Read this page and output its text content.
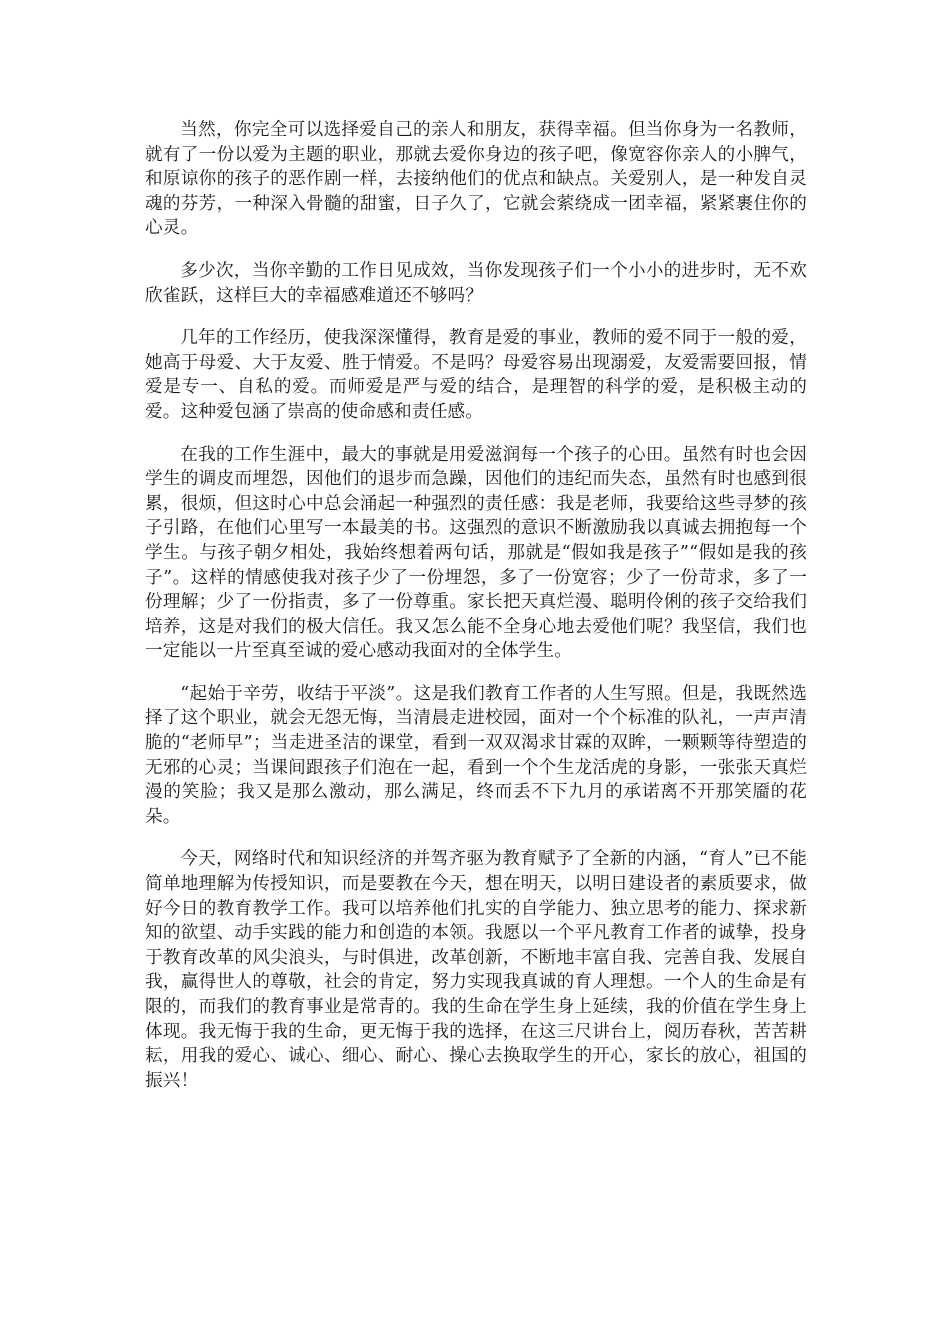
当然，你完全可以选择爱自己的亲人和朋友，获得幸福。但当你身为一名教师，就有了一份以爱为主题的职业，那就去爱你身边的孩子吧，像宽容你亲人的小脾气，和原谅你的孩子的恶作剧一样，去接纳他们的优点和缺点。关爱别人，是一种发自灵魂的芬芳，一种深入骨髓的甜蜜，日子久了，它就会萦绕成一团幸福，紧紧裹住你的心灵。

多少次，当你辛勤的工作日见成效，当你发现孩子们一个小小的进步时，无不欢欣雀跃，这样巨大的幸福感难道还不够吗？

几年的工作经历，使我深深懂得，教育是爱的事业，教师的爱不同于一般的爱，她高于母爱、大于友爱、胜于情爱。不是吗？母爱容易出现溺爱，友爱需要回报，情爱是专一、自私的爱。而师爱是严与爱的结合，是理智的科学的爱，是积极主动的爱。这种爱包涵了崇高的使命感和责任感。

在我的工作生涯中，最大的事就是用爱滋润每一个孩子的心田。虽然有时也会因学生的调皮而埋怨，因他们的退步而急躁，因他们的违纪而失态，虽然有时也感到很累，很烦，但这时心中总会涌起一种强烈的责任感：我是老师，我要给这些寻梦的孩子引路，在他们心里写一本最美的书。这强烈的意识不断激励我以真诚去拥抱每一个学生。与孩子朝夕相处，我始终想着两句话，那就是“假如我是孩子”“假如是我的孩子”。这样的情感使我对孩子少了一份埋怨，多了一份宽容；少了一份苛求，多了一份理解；少了一份指责，多了一份尊重。家长把天真烂漫、聪明伶俐的孩子交给我们培养，这是对我们的极大信任。我又怎么能不全身心地去爱他们呢？我坚信，我们也一定能以一片至真至诚的爱心感动我面对的全体学生。

“起始于辛劳，收结于平淡”。这是我们教育工作者的人生写照。但是，我既然选择了这个职业，就会无怨无悔，当清晨走进校园，面对一个个标准的队礼，一声声清脆的“老师早”；当走进圣洁的课堂，看到一双双渴求甘霖的双眸，一颗颗等待塑造的无邪的心灵；当课间跟孩子们泡在一起，看到一个个生龙活虎的身影，一张张天真烂漫的笑脸；我又是那么激动，那么满足，终而丢不下九月的承诺离不开那笑靥的花朵。

今天，网络时代和知识经济的并驾齐驱为教育赋予了全新的内涵，“育人”已不能简单地理解为传授知识，而是要教在今天，想在明天，以明日建设者的素质要求，做好今日的教育教学工作。我可以培养他们扎实的自学能力、独立思考的能力、探求新知的欲望、动手实践的能力和创造的本领。我愿以一个平凡教育工作者的诚挚，投身于教育改革的风尖浪头，与时俱进，改革创新，不断地丰富自我、完善自我、发展自我，赢得世人的尊敬，社会的肯定，努力实现我真诚的育人理想。一个人的生命是有限的，而我们的教育事业是常青的。我的生命在学生身上延续，我的价值在学生身上体现。我无悔于我的生命，更无悔于我的选择，在这三尺讲台上，阅历春秋，苦苦耕耘，用我的爱心、诚心、细心、耐心、操心去换取学生的开心，家长的放心，祖国的振兴！
